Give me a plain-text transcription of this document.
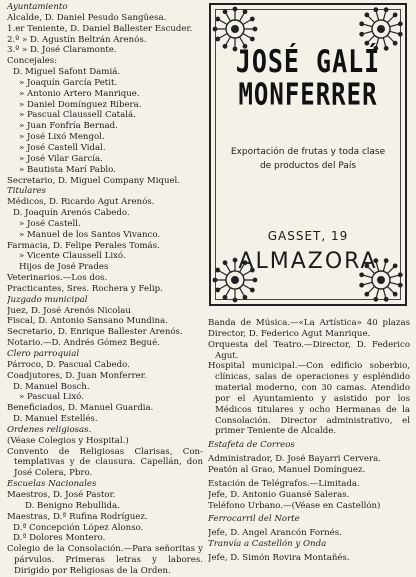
Ayuntamiento
Alcalde, D. Daniel Pesudo Sangüesa.
1.er Teniente, D. Daniel Ballester Escuder.
2.º » D. Agustín Beltrán Arenós.
3.º » D. José Claramonte.
Concejales:
D. Miguel Safont Damiá.
» Joaquín García Petit.
» Antonio Artero Manrique.
» Daniel Domínguez Ribera.
» Pascual Claussell Catalá.
» Juan Fonfría Bernad.
» José Lixó Mengol.
» José Castell Vidal.
» José Vilar García.
» Bautista Marí Pablo.
Secretario, D. Miguel Company Miquel.
Titulares
Médicos, D. Ricardo Agut Arenós.
D. Joaquín Arenós Cabedo.
» José Castell.
» Manuel de los Santos Vivanco.
Farmacia, D. Felipe Perales Tomás.
» Vicente Claussell Lixó.
Hijos de José Prades
Veterinarios.—Los dos.
Practicantes, Sres. Rochera y Felip.
Juzgado municipal
Juez, D. José Arenós Nicolau
Fiscal, D. Antonio Sansano Mundina.
Secretario, D. Enrique Ballester Arenós.
Notario.—D. Andrés Gómez Begué.
Clero parroquial
Párroco, D. Pascual Cabedo.
Coadjutores, D. Juan Monferrer.
D. Manuel Bosch.
» Pascual Lixó.
Beneficiados, D. Manuel Guardia.
D. Manuel Estellés.
Ordenes religiosas.
(Véase Colegios y Hospital.)
Convento de Religiosas Clarisas, Contemplativas y de clausura. Capellán, don José Colera, Pbro.
Escuelas Nacionales
Maestros, D. José Pastor.
D. Benigno Rebullida.
Maestras, D.ª Rufina Rodríguez.
D.ª Concepción López Alonso.
D.ª Dolores Montero.
Colegio de la Consolación.—Para señoritas y párvulos. Primeras letras y labores. Dirigido por Religiosas de la Orden.
JOSÉ GALÍ
MONFERRER
Exportación de frutas y toda clase de productos del País
GASSET, 19
ALMAZORA
Banda de Música.—«La Artística» 40 plazas Director, D. Federico Agut Manrique.
Orquesta del Teatro.—Director, D. Federico Agut.
Hospital municipal.—Con edificio soberbio, clínicas, salas de operaciones y espléndido material moderno, con 30 camas. Atendido por el Ayuntamiento y asistido por los Médicos titulares y ocho Hermanas de la Consolación. Director administrativo, el primer Teniente de Alcalde.
Estafeta de Correos
Administrador, D. José Bayarri Cervera.
Peatón al Grao, Manuel Domínguez.
Estación de Telégrafos.—Limitada.
Jefe, D. Antonio Guansé Saleras.
Teléfono Urbano.—(Véase en Castellón)
Ferrocarril del Norte
Jefe, D. Angel Arancón Fornés.
Tranvía a Castellón y Onda
Jefe, D. Simón Rovira Montañés.
